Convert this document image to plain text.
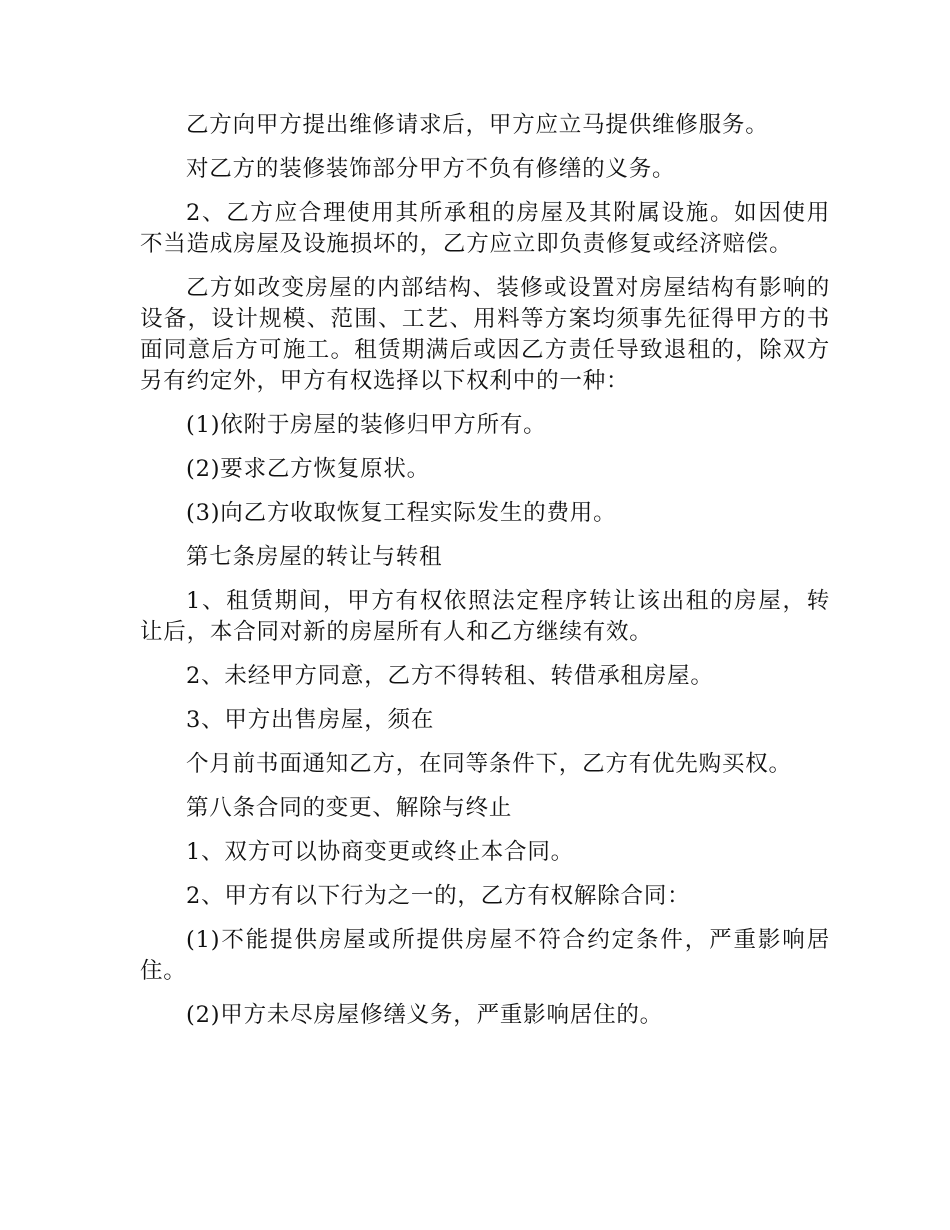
乙方向甲方提出维修请求后，甲方应立马提供维修服务。

对乙方的装修装饰部分甲方不负有修缮的义务。

2、乙方应合理使用其所承租的房屋及其附属设施。如因使用不当造成房屋及设施损坏的，乙方应立即负责修复或经济赔偿。

乙方如改变房屋的内部结构、装修或设置对房屋结构有影响的设备，设计规模、范围、工艺、用料等方案均须事先征得甲方的书面同意后方可施工。租赁期满后或因乙方责任导致退租的，除双方另有约定外，甲方有权选择以下权利中的一种：

(1)依附于房屋的装修归甲方所有。

(2)要求乙方恢复原状。

(3)向乙方收取恢复工程实际发生的费用。

第七条房屋的转让与转租

1、租赁期间，甲方有权依照法定程序转让该出租的房屋，转让后，本合同对新的房屋所有人和乙方继续有效。

2、未经甲方同意，乙方不得转租、转借承租房屋。

3、甲方出售房屋，须在

个月前书面通知乙方，在同等条件下，乙方有优先购买权。

第八条合同的变更、解除与终止

1、双方可以协商变更或终止本合同。

2、甲方有以下行为之一的，乙方有权解除合同：

(1)不能提供房屋或所提供房屋不符合约定条件，严重影响居住。

(2)甲方未尽房屋修缮义务，严重影响居住的。
